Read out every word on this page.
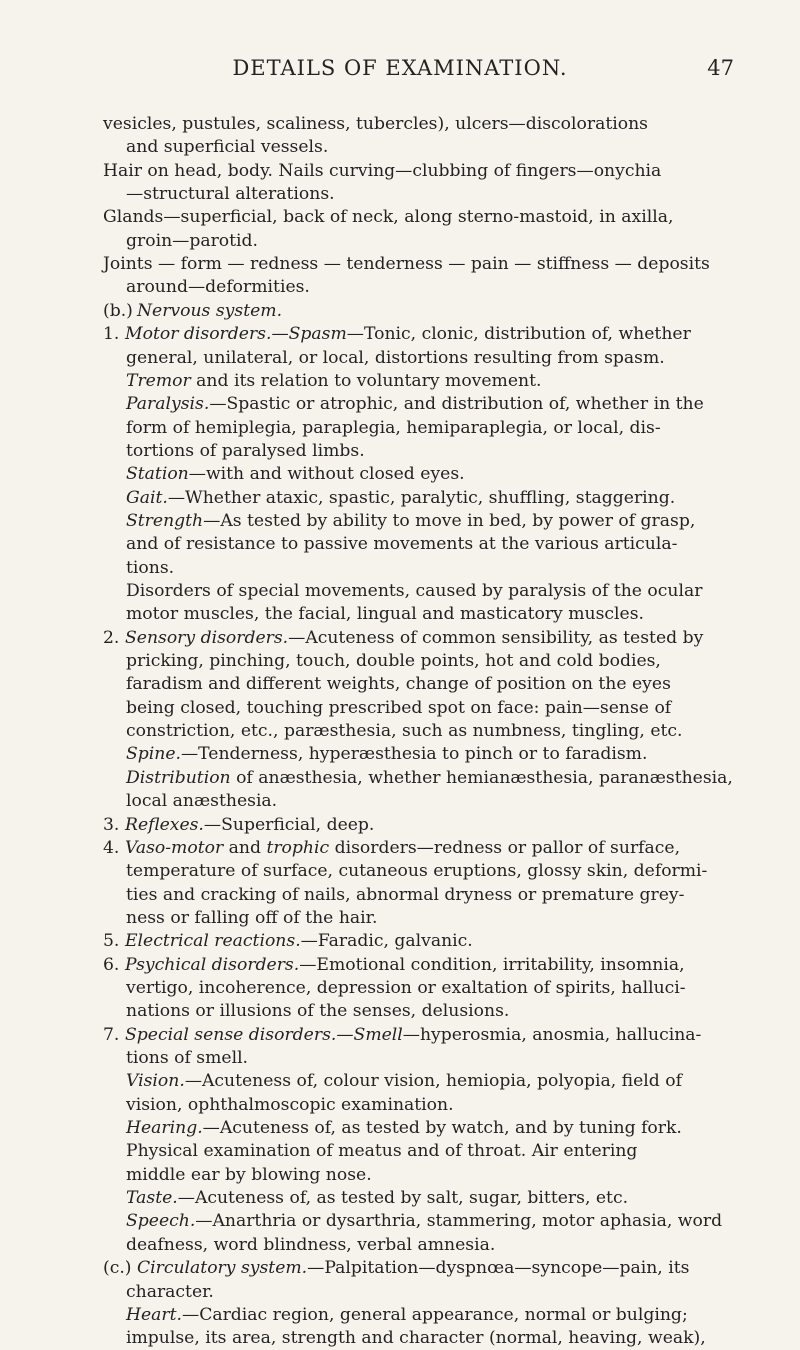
DETAILS OF EXAMINATION.	47
vesicles, pustules, scaliness, tubercles), ulcers—discolorations
and superficial vessels.
Hair on head, body. Nails curving—clubbing of fingers—onychia
—structural alterations.
Glands—superficial, back of neck, along sterno-mastoid, in axilla,
groin—parotid.
Joints — form — redness — tenderness — pain — stiffness — deposits
around—deformities.
(b.)Nervous system.
1. Motor disorders.—Spasm—Tonic, clonic, distribution of, whether
general, unilateral, or local, distortions resulting from spasm.
Tremor and its relation to voluntary movement.
Paralysis.—Spastic or atrophic, and distribution of, whether in the
form of hemiplegia, paraplegia, hemiparaplegia, or local, dis-
tortions of paralysed limbs.
Station—with and without closed eyes.
Gait.—Whether ataxic, spastic, paralytic, shuffling, staggering.
Strength—As tested by ability to move in bed, by power of grasp,
and of resistance to passive movements at the various articula-
tions.
Disorders of special movements, caused by paralysis of the ocular
motor muscles, the facial, lingual and masticatory muscles.
2. Sensory disorders.—Acuteness of common sensibility, as tested by
pricking, pinching, touch, double points, hot and cold bodies,
faradism and different weights, change of position on the eyes
being closed, touching prescribed spot on face: pain—sense of
constriction, etc., paræsthesia, such as numbness, tingling, etc.
Spine.—Tenderness, hyperæsthesia to pinch or to faradism.
Distribution of anæsthesia, whether hemianæsthesia, paranæsthesia,
local anæsthesia.
3. Reflexes.—Superficial, deep.
4. Vaso-motor and trophic disorders—redness or pallor of surface,
temperature of surface, cutaneous eruptions, glossy skin, deformi-
ties and cracking of nails, abnormal dryness or premature grey-
ness or falling off of the hair.
5. Electrical reactions.—Faradic, galvanic.
6. Psychical disorders.—Emotional condition, irritability, insomnia,
vertigo, incoherence, depression or exaltation of spirits, halluci-
nations or illusions of the senses, delusions.
7. Special sense disorders.—Smell—hyperosmia, anosmia, hallucina-
tions of smell.
Vision.—Acuteness of, colour vision, hemiopia, polyopia, field of
vision, ophthalmoscopic examination.
Hearing.—Acuteness of, as tested by watch, and by tuning fork.
Physical examination of meatus and of throat. Air entering
middle ear by blowing nose.
Taste.—Acuteness of, as tested by salt, sugar, bitters, etc.
Speech.—Anarthria or dysarthria, stammering, motor aphasia, word
deafness, word blindness, verbal amnesia.
(c.)Circulatory system.—Palpitation—dyspnœa—syncope—pain, its
character.
Heart.—Cardiac region, general appearance, normal or bulging;
impulse, its area, strength and character (normal, heaving, weak),
